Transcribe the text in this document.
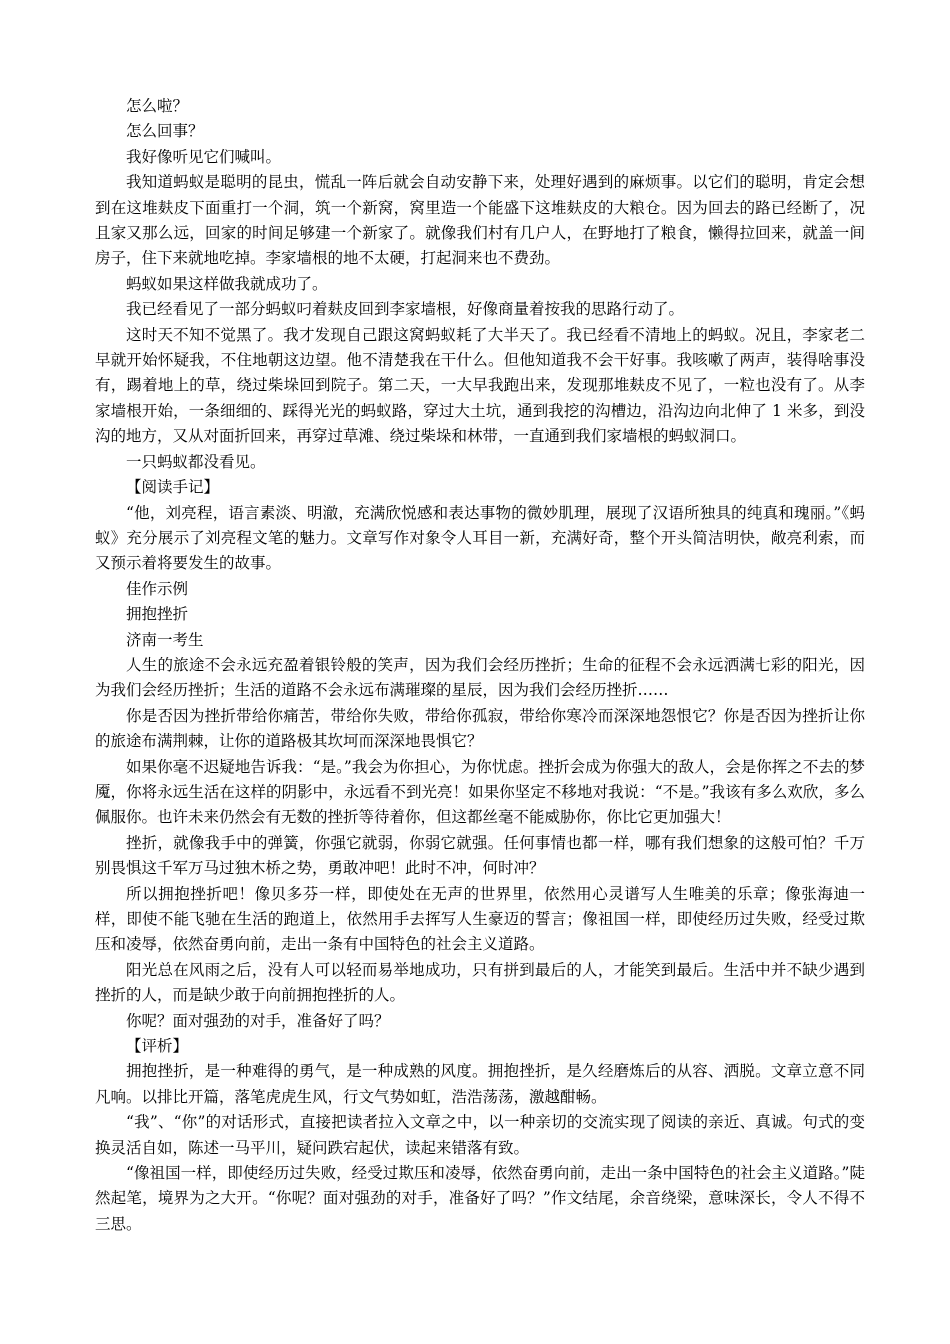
怎么啦？

怎么回事？

我好像听见它们喊叫。

我知道蚂蚁是聪明的昆虫，慌乱一阵后就会自动安静下来，处理好遇到的麻烦事。以它们的聪明，肯定会想到在这堆麸皮下面重打一个洞，筑一个新窝，窝里造一个能盛下这堆麸皮的大粮仓。因为回去的路已经断了，况且家又那么远，回家的时间足够建一个新家了。就像我们村有几户人，在野地打了粮食，懒得拉回来，就盖一间房子，住下来就地吃掉。李家墙根的地不太硬，打起洞来也不费劲。

蚂蚁如果这样做我就成功了。

我已经看见了一部分蚂蚁叼着麸皮回到李家墙根，好像商量着按我的思路行动了。

这时天不知不觉黑了。我才发现自己跟这窝蚂蚁耗了大半天了。我已经看不清地上的蚂蚁。况且，李家老二早就开始怀疑我，不住地朝这边望。他不清楚我在干什么。但他知道我不会干好事。我咳嗽了两声，装得啥事没有，踢着地上的草，绕过柴垛回到院子。第二天，一大早我跑出来，发现那堆麸皮不见了，一粒也没有了。从李家墙根开始，一条细细的、踩得光光的蚂蚁路，穿过大土坑，通到我挖的沟槽边，沿沟边向北伸了 1 米多，到没沟的地方，又从对面折回来，再穿过草滩、绕过柴垛和林带，一直通到我们家墙根的蚂蚁洞口。

一只蚂蚁都没看见。

【阅读手记】

“他，刘亮程，语言素淡、明澈，充满欣悦感和表达事物的微妙肌理，展现了汉语所独具的纯真和瑰丽。”《蚂蚁》充分展示了刘亮程文笔的魅力。文章写作对象令人耳目一新，充满好奇，整个开头简洁明快，敞亮利索，而又预示着将要发生的故事。

佳作示例

拥抱挫折

济南一考生

人生的旅途不会永远充盈着银铃般的笑声，因为我们会经历挫折；生命的征程不会永远洒满七彩的阳光，因为我们会经历挫折；生活的道路不会永远布满璀璨的星辰，因为我们会经历挫折……

你是否因为挫折带给你痛苦，带给你失败，带给你孤寂，带给你寒冷而深深地怨恨它？你是否因为挫折让你的旅途布满荆棘，让你的道路极其坎坷而深深地畏惧它？

如果你毫不迟疑地告诉我：“是。”我会为你担心，为你忧虑。挫折会成为你强大的敌人，会是你挥之不去的梦魇，你将永远生活在这样的阴影中，永远看不到光亮！如果你坚定不移地对我说：“不是。”我该有多么欢欣，多么佩服你。也许未来仍然会有无数的挫折等待着你，但这都丝毫不能威胁你，你比它更加强大！

挫折，就像我手中的弹簧，你强它就弱，你弱它就强。任何事情也都一样，哪有我们想象的这般可怕？千万别畏惧这千军万马过独木桥之势，勇敢冲吧！此时不冲，何时冲？

所以拥抱挫折吧！像贝多芬一样，即使处在无声的世界里，依然用心灵谱写人生唯美的乐章；像张海迪一样，即使不能飞驰在生活的跑道上，依然用手去挥写人生豪迈的誓言；像祖国一样，即使经历过失败，经受过欺压和凌辱，依然奋勇向前，走出一条有中国特色的社会主义道路。

阳光总在风雨之后，没有人可以轻而易举地成功，只有拼到最后的人，才能笑到最后。生活中并不缺少遇到挫折的人，而是缺少敢于向前拥抱挫折的人。

你呢？面对强劲的对手，准备好了吗？

【评析】

拥抱挫折，是一种难得的勇气，是一种成熟的风度。拥抱挫折，是久经磨炼后的从容、洒脱。文章立意不同凡响。以排比开篇，落笔虎虎生风，行文气势如虹，浩浩荡荡，激越酣畅。

“我”、“你”的对话形式，直接把读者拉入文章之中，以一种亲切的交流实现了阅读的亲近、真诚。句式的变换灵活自如，陈述一马平川，疑问跌宕起伏，读起来错落有致。

“像祖国一样，即使经历过失败，经受过欺压和凌辱，依然奋勇向前，走出一条中国特色的社会主义道路。”陡然起笔，境界为之大开。“你呢？面对强劲的对手，准备好了吗？”作文结尾，余音绕梁，意味深长，令人不得不三思。
